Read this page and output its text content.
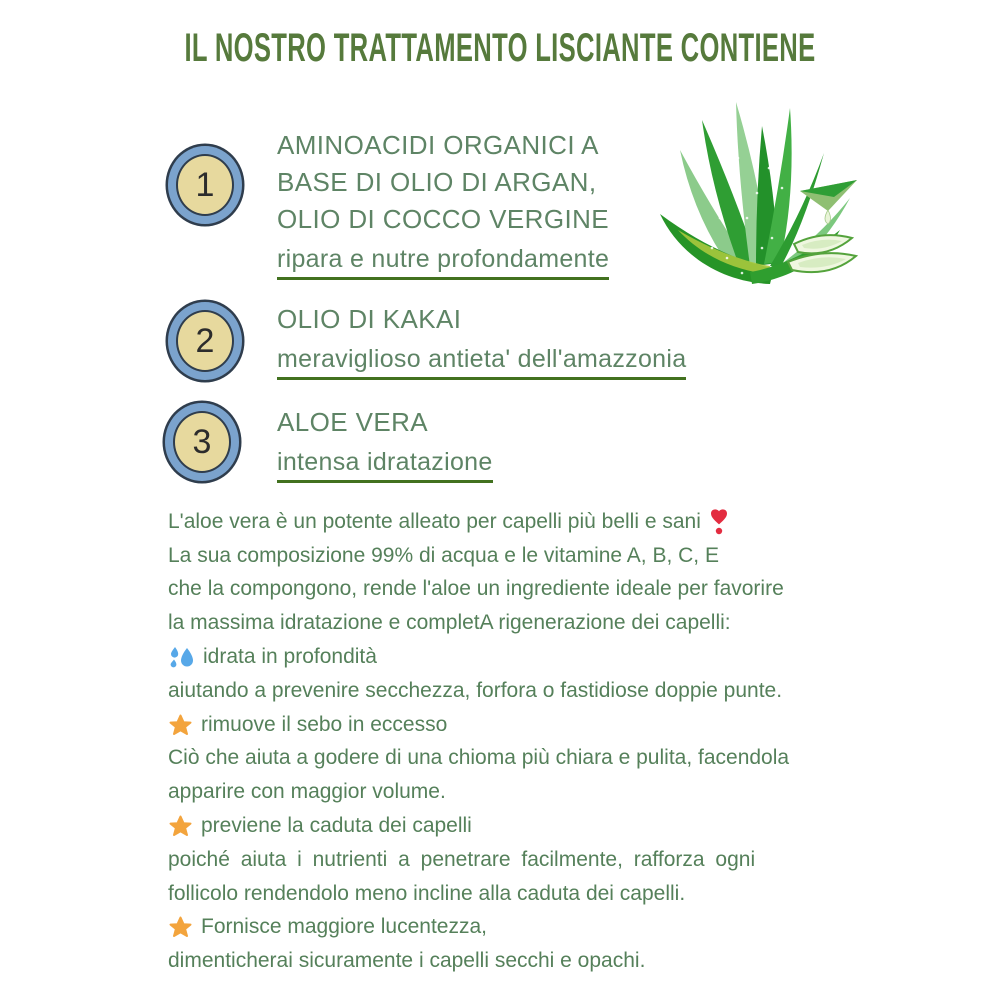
IL NOSTRO TRATTAMENTO LISCIANTE CONTIENE
1
2
3
AMINOACIDI ORGANICI A
BASE DI OLIO DI ARGAN,
OLIO DI COCCO VERGINE
ripara e nutre profondamente
OLIO DI KAKAI
meraviglioso antieta' dell'amazzonia
ALOE VERA
intensa idratazione
L'aloe vera è un potente alleato per capelli più belli e sani
La sua composizione 99% di acqua e le vitamine A, B, C, E
che la compongono, rende l'aloe un ingrediente ideale per favorire
la massima idratazione e completA rigenerazione dei capelli:
idrata in profondità
aiutando a prevenire secchezza, forfora o fastidiose doppie punte.
rimuove il sebo in eccesso
Ciò che aiuta a godere di una chioma più chiara e pulita, facendola
apparire con maggior volume.
previene la caduta dei capelli
poiché aiuta i nutrienti a penetrare facilmente, rafforza ogni
follicolo rendendolo meno incline alla caduta dei capelli.
Fornisce maggiore lucentezza,
dimenticherai sicuramente i capelli secchi e opachi.
